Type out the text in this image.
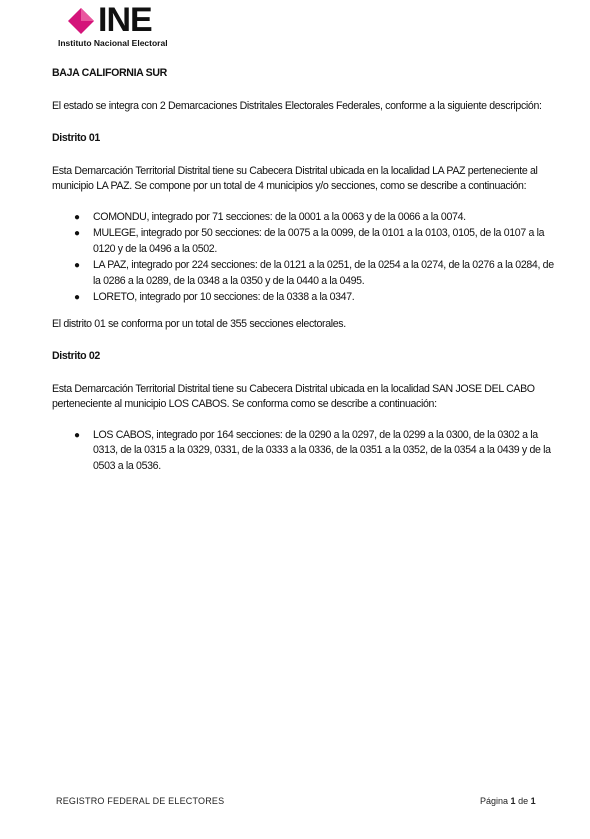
INE
Instituto Nacional Electoral

BAJA CALIFORNIA SUR

El estado se integra con 2 Demarcaciones Distritales Electorales Federales, conforme a la siguiente descripción:

Distrito 01

Esta Demarcación Territorial Distrital tiene su Cabecera Distrital ubicada en la localidad LA PAZ perteneciente al municipio LA PAZ. Se compone por un total de 4 municipios y/o secciones, como se describe a continuación:

● COMONDU, integrado por 71 secciones: de la 0001 a la 0063 y de la 0066 a la 0074.
● MULEGE, integrado por 50 secciones: de la 0075 a la 0099, de la 0101 a la 0103, 0105, de la 0107 a la 0120 y de la 0496 a la 0502.
● LA PAZ, integrado por 224 secciones: de la 0121 a la 0251, de la 0254 a la 0274, de la 0276 a la 0284, de la 0286 a la 0289, de la 0348 a la 0350 y de la 0440 a la 0495.
● LORETO, integrado por 10 secciones: de la 0338 a la 0347.

El distrito 01 se conforma por un total de 355 secciones electorales.

Distrito 02

Esta Demarcación Territorial Distrital tiene su Cabecera Distrital ubicada en la localidad SAN JOSE DEL CABO perteneciente al municipio LOS CABOS. Se conforma como se describe a continuación:

● LOS CABOS, integrado por 164 secciones: de la 0290 a la 0297, de la 0299 a la 0300, de la 0302 a la 0313, de la 0315 a la 0329, 0331, de la 0333 a la 0336, de la 0351 a la 0352, de la 0354 a la 0439 y de la 0503 a la 0536.
REGISTRO FEDERAL DE ELECTORES	Página 1 de 1
